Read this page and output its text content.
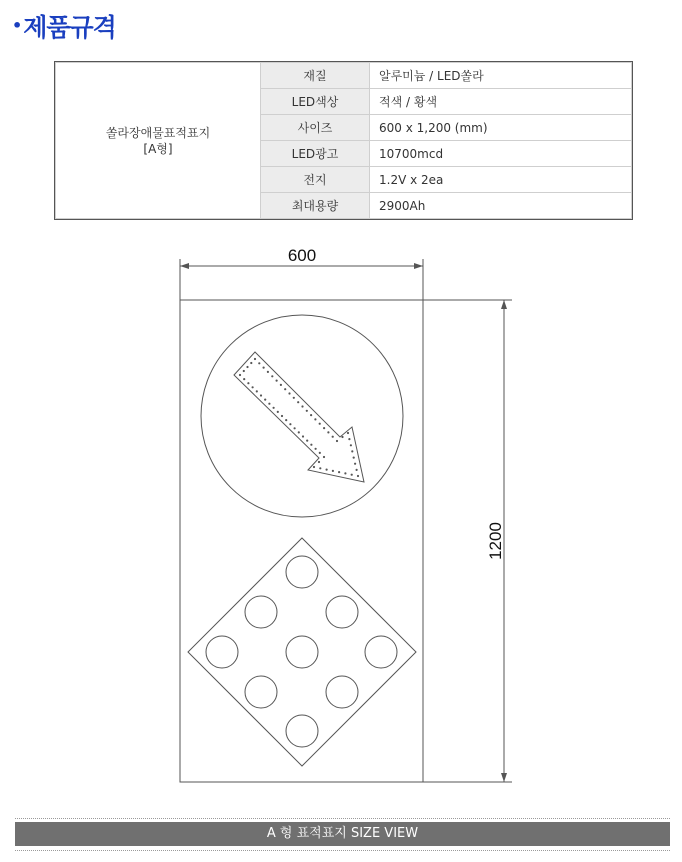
•제품규격
쏠라장애물표적표지
[A형]	재질	알루미늄 / LED쏠라
	LED색상	적색 / 황색
	사이즈	600 x 1,200 (mm)
	LED광고	10700mcd
	전지	1.2V x 2ea
	최대용량	2900Ah
600
1200
A 형 표적표지 SIZE VIEW
